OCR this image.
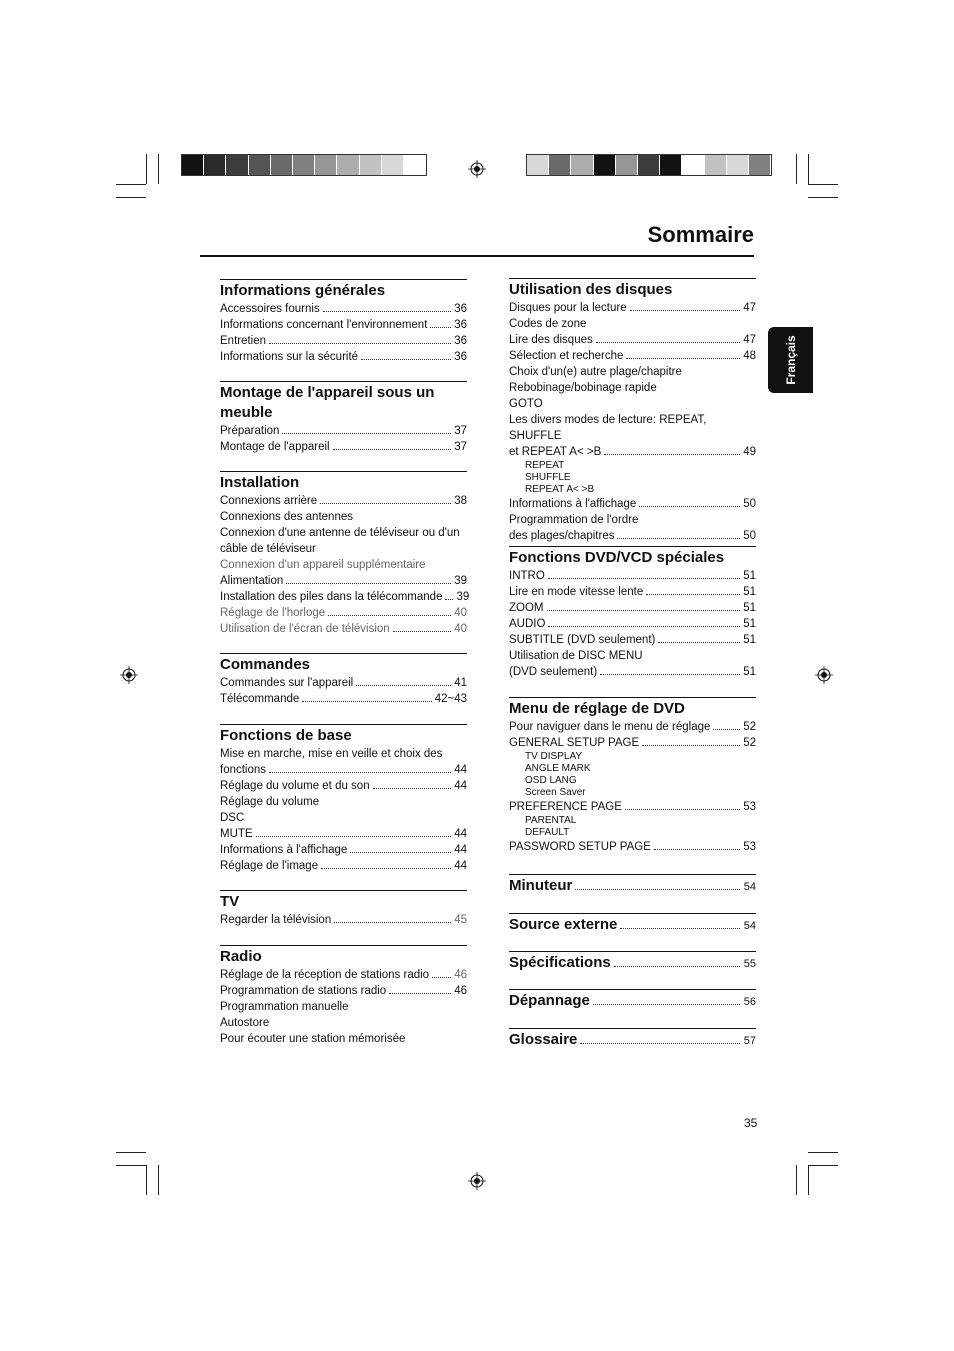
Sommaire
Français
Informations générales
Accessoires fournis	36
Informations concernant l'environnement 36
Entretien	36
Informations sur la sécurité	36
Montage de l'appareil sous un meuble
Préparation	37
Montage de l'appareil	37
Installation
Connexions arrière	38
Connexions des antennes
Connexion d'une antenne de téléviseur ou d'un câble de téléviseur
Connexion d'un appareil supplémentaire
Alimentation	39
Installation des piles dans la télécommande 39
Réglage de l'horloge	40
Utilisation de l'écran de télévision	40
Commandes
Commandes sur l'appareil	41
Télécommande	42~43
Fonctions de base
Mise en marche, mise en veille et choix des
fonctions	44
Réglage du volume et du son	44
Réglage du volume
DSC
MUTE	44
Informations à l'affichage	44
Réglage de l'image	44
TV
Regarder la télévision	45
Radio
Réglage de la réception de stations radio 46
Programmation de stations radio	46
Programmation manuelle
Autostore
Pour écouter une station mémorisée
Utilisation des disques
Disques pour la lecture	47
Codes de zone
Lire des disques	47
Sélection et recherche	48
Choix d'un(e) autre plage/chapitre
Rebobinage/bobinage rapide
GOTO
Les divers modes de lecture: REPEAT, SHUFFLE
et REPEAT A< >B	49
REPEAT
SHUFFLE
REPEAT A< >B
Informations à l'affichage	50
Programmation de l'ordre
des plages/chapitres	50
Fonctions DVD/VCD spéciales
INTRO	51
Lire en mode vitesse lente	51
ZOOM	51
AUDIO	51
SUBTITLE (DVD seulement)	51
Utilisation de DISC MENU
(DVD seulement)	51
Menu de réglage de DVD
Pour naviguer dans le menu de réglage	52
GENERAL SETUP PAGE	52
TV DISPLAY
ANGLE MARK
OSD LANG
Screen Saver
PREFERENCE PAGE	53
PARENTAL
DEFAULT
PASSWORD SETUP PAGE	53
Minuteur	54
Source externe	54
Spécifications	55
Dépannage	56
Glossaire	57
35
